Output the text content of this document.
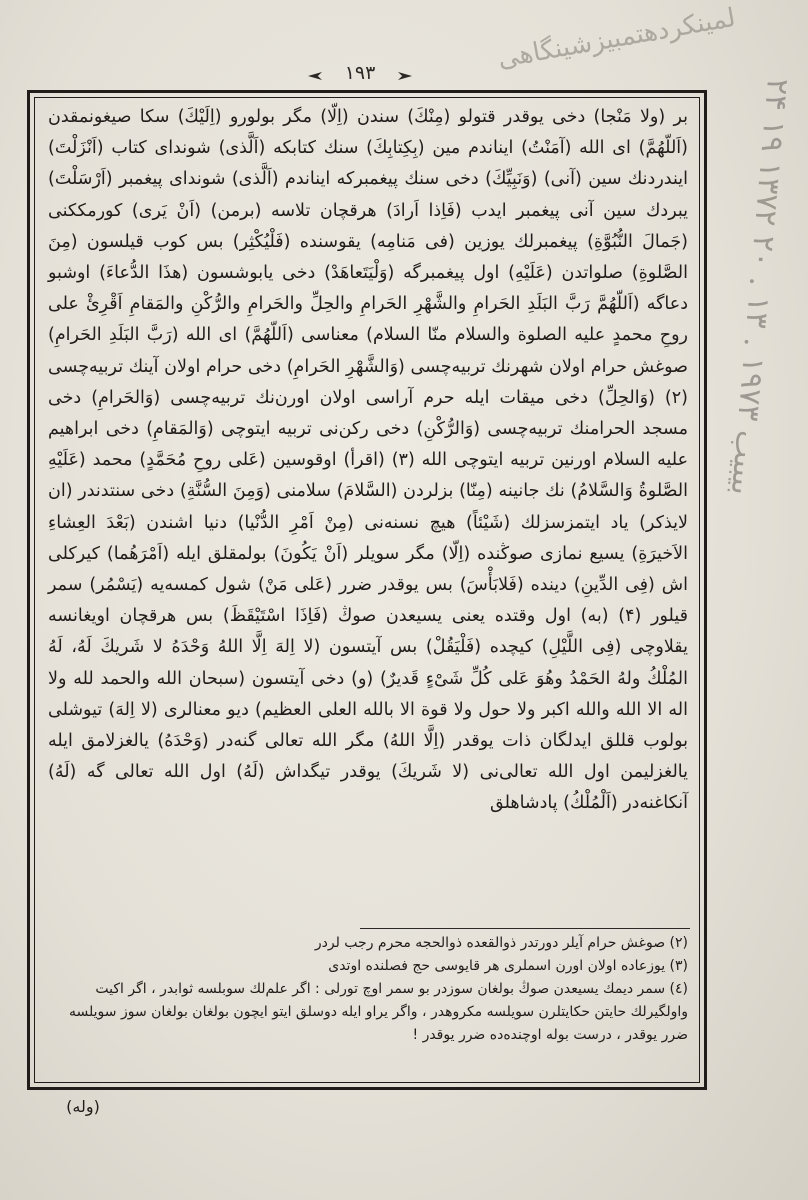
لمینکردهتمبیزشینگاهی
۲۴ بیبیب ۱۹۷۳ . ۱۳ . ۲۰ ۱۳۷۲ ۱۹
۱۹۳

بر (ولا مَنْجا) دخی یوقدر قتولو (مِنْكَ) سندن (اِلّا) مگر بولورو (اِلَیْكَ) سکا صیغونمقدن (اَللّهُمَّ) ای الله (آمَنْتُ) ایناندم مین (بِکِتابِكَ) سنك کتابکه (اَلَّذی) شوندای کتاب (اَنْزَلْتَ) ایندردنك سین (آنی) (وَنَبِیِّكَ) دخی سنك پیغمبرکه ایناندم (اَلَّذی) شوندای پیغمبر (اَرْسَلْتَ) یبردك سین آنی پیغمبر ایدب (فَاِذا اَرادَ) هرقچان تلاسه (برمن) (اَنْ یَری) کورمککنی (جَمالَ النُّبُوَّةِ) پیغمبرلك یوزین (فی مَنامِه) یقوسنده (فَلْیُکْثِر) بس کوب قیلسون (مِنَ الصَّلوةِ) صلواتدن (عَلَیْهِ) اول پیغمبرگه (وَلْیَتَعاهَدْ) دخی یابوشسون (هذَا الدُّعاءَ) اوشبو دعاگه (اَللّهُمَّ رَبَّ البَلَدِ الحَرامِ والشَّهْرِ الحَرامِ والحِلِّ والحَرامِ والرُّکْنِ والمَقامِ اَقْرِئْ علی روحِ محمدٍ علیه الصلوة والسلام منّا السلام) معناسی (اَللّهُمَّ) ای الله (رَبَّ البَلَدِ الحَرامِ) صوغش حرام اولان شهرنك تربیه‌چسی (وَالشَّهْرِ الحَرامِ) دخی حرام اولان آینك تربیه‌چسی (۲) (وَالحِلِّ) دخی میقات ایله حرم آراسی اولان اورن‌نك تربیه‌چسی (وَالحَرامِ) دخی مسجد الحرامنك تربیه‌چسی (وَالرُّکْنِ) دخی رکن‌نی تربیه ایتوچی (وَالمَقامِ) دخی ابراهیم علیه السلام اورنین تربیه ایتوچی الله (۳) (اقرأ) اوقوسین (عَلی روحِ مُحَمَّدٍ) محمد (عَلَیْهِ الصَّلوةُ وَالسَّلامُ) نك جانینه (مِنّا) بزلردن (السَّلامَ) سلامنی (وَمِنَ السُّنَّةِ) دخی سنتدندر (ان لایذکر) یاد ایتمزسزلك (شَیْئاً) هیچ نسنه‌نی (مِنْ اَمْرِ الدُّنْیا) دنیا اشندن (بَعْدَ العِشاءِ الاَخیرَةِ) یسیع نمازی صوڭنده (اِلّا) مگر سویلر (اَنْ یَکُونَ) بولمقلق ایله (اَمْرَهُما) کیرکلی اش (فِی الدِّینِ) دینده (فَلابَأْسَ) بس یوقدر ضرر (عَلی مَنْ) شول کمسه‌یه (یَسْمُر) سمر قیلور (۴) (به) اول وقتده یعنی یسیعدن صوڭ (فَاِذَا اسْتَیْقَظَ) بس هرقچان اویغانسه یقلاوچی (فِی اللَّیْلِ) کیچده (فَلْیَقُلْ) بس آیتسون (لا اِلهَ اِلَّا اللهُ وَحْدَهُ لا شَریكَ لَهُ، لَهُ المُلْكُ ولهُ الحَمْدُ وهُوَ عَلی کُلِّ شَیْءٍ قَدیرٌ) (و) دخی آیتسون (سبحان الله والحمد لله ولا اله الا الله والله اکبر ولا حول ولا قوة الا بالله العلی العظیم) دیو معنالری (لا اِلهَ) تیوشلی بولوب قللق ایدلگان ذات یوقدر (اِلَّا اللهُ) مگر الله تعالی گنه‌در (وَحْدَهُ) یالغزلامق ایله یالغزلیمن اول الله تعالی‌نی (لا شَریكَ) یوقدر تیگداش (لَهُ) اول الله تعالی گه (لَهُ) آنکاغنه‌در (اَلْمُلْكُ) پادشاهلق

(۲) صوغش حرام آیلر دورتدر ذوالقعده ذوالحجه محرم رجب لردر

(۳) یوزعاده اولان اورن اسملری هر قایوسی حج فصلنده اوتدی

(٤) سمر دیمك یسیعدن صوڭ بولغان سوزدر بو سمر اوچ تورلی : اگر علم‌لك سوبلسه ثوابدر ، اگر اکیت واولگیرلك حایتن حکایتلرن سویلسه مکروهدر ، واگر یراو ایله دوسلق ایتو ایچون بولغان بولغان سوز سویلسه ضرر یوقدر ، درست بوله اوچنده‌ده ضرر یوقدر !

(وله)
